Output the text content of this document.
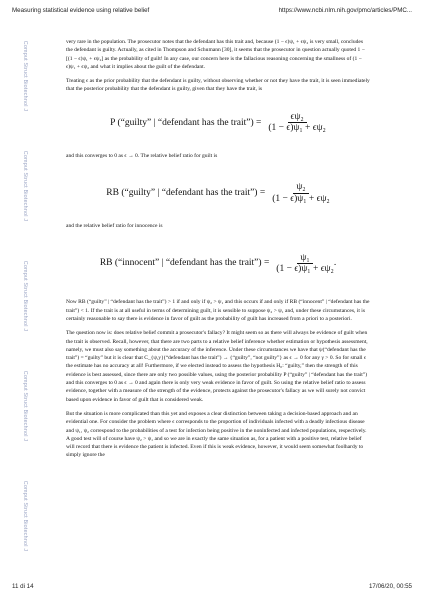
Measuring statistical evidence using relative belief	https://www.ncbi.nlm.nih.gov/pmc/articles/PMC...
Comput Struct Biotechnol J
Comput Struct Biotechnol J
Comput Struct Biotechnol J
Comput Struct Biotechnol J
Comput Struct Biotechnol J

very rare in the population. The prosecutor notes that the defendant has this trait and, because (1 − ϵ)ψ₁ + ϵψ₂ is very small, concludes the defendant is guilty. Actually, as cited in Thompson and Schumann [30], it seems that the prosecutor in question actually quoted 1 − [(1 − ϵ)ψ₁ + ϵψ₂] as the probability of guilt! In any case, our concern here is the fallacious reasoning concerning the smallness of (1 − ϵ)ψ₁ + ϵψ₂ and what it implies about the guilt of the defendant.

Treating ϵ as the prior probability that the defendant is guilty, without observing whether or not they have the trait, it is seen immediately that the posterior probability that the defendant is guilty, given that they have the trait, is

P (“guilty” | “defendant has the trait”) = $\frac{\text{ϵψ₂}}{\text{(1 − ϵ)ψ₁ + ϵψ₂}}$

and this converges to 0 as ϵ → 0. The relative belief ratio for guilt is

RB (“guilty” | “defendant has the trait”) = $\frac{\text{ψ₂}}{\text{(1 − ϵ)ψ₁ + ϵψ₂}}$

and the relative belief ratio for innocence is

RB (“innocent” | “defendant has the trait”) = $\frac{\text{ψ₁}}{\text{(1 − ϵ)ψ₁ + ϵψ₂}}$ .

Now RB (“guilty” | “defendant has the trait”) > 1 if and only if ψ₂ > ψ₁ and this occurs if and only if RB (“innocent” | “defendant has the trait”) < 1. If the trait is at all useful in terms of determining guilt, it is sensible to suppose ψ₂ > ψ₁ and, under these circumstances, it is certainly reasonable to say there is evidence in favor of guilt as the probability of guilt has increased from a priori to a posteriori.

The question now is: does relative belief commit a prosecutor's fallacy? It might seem so as there will always be evidence of guilt when the trait is observed. Recall, however, that there are two parts to a relative belief inference whether estimation or hypothesis assessment, namely, we must also say something about the accuracy of the inference. Under these circumstances we have that ψ(“defendant has the trait”) = “guilty” but it is clear that C_{ψ,y}(“defendant has the trait”) → {“guilty”, “not guilty”} as ϵ → 0 for any γ > 0. So for small ϵ the estimate has no accuracy at all! Furthermore, if we elected instead to assess the hypothesis H₀: “guilty,” then the strength of this evidence is best assessed, since there are only two possible values, using the posterior probability P (“guilty” | “defendant has the trait”) and this converges to 0 as ϵ → 0 and again there is only very weak evidence in favor of guilt. So using the relative belief ratio to assess evidence, together with a measure of the strength of the evidence, protects against the prosecutor's fallacy as we will surely not convict based upon evidence in favor of guilt that is considered weak.

But the situation is more complicated than this yet and exposes a clear distinction between taking a decision-based approach and an evidential one. For consider the problem where ϵ corresponds to the proportion of individuals infected with a deadly infectious disease and ψ₁, ψ₂ correspond to the probabilities of a test for infection being positive in the noninfected and infected populations, respectively. A good test will of course have ψ₂ > ψ₁ and so we are in exactly the same situation as, for a patient with a positive test, relative belief will record that there is evidence the patient is infected. Even if this is weak evidence, however, it would seem somewhat foolhardy to simply ignore the

11 di 14	17/06/20, 00:55
